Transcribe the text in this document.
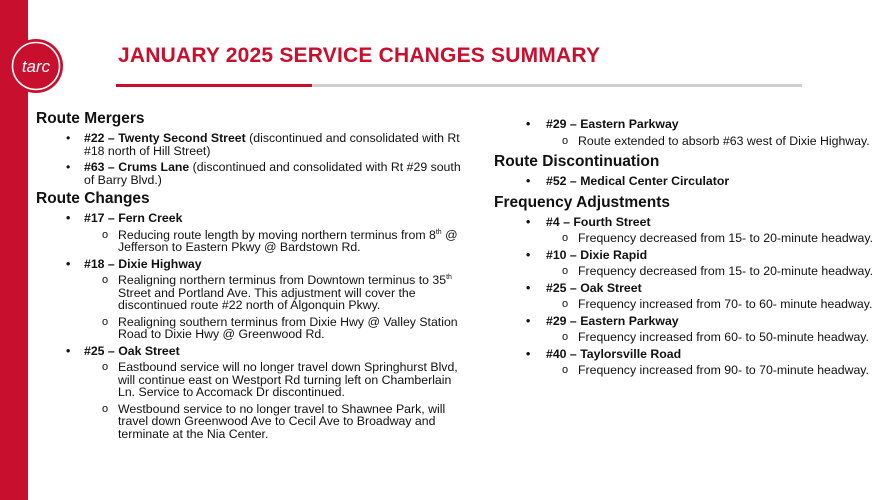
tarc	JANUARY 2025 SERVICE CHANGES SUMMARY
Route Mergers
• #22 – Twenty Second Street (discontinued and consolidated with Rt #18 north of Hill Street)
• #63 – Crums Lane (discontinued and consolidated with Rt #29 south of Barry Blvd.)
Route Changes
• #17 – Fern Creek
o Reducing route length by moving northern terminus from 8th @ Jefferson to Eastern Pkwy @ Bardstown Rd.
• #18 – Dixie Highway
o Realigning northern terminus from Downtown terminus to 35th Street and Portland Ave. This adjustment will cover the discontinued route #22 north of Algonquin Pkwy.
o Realigning southern terminus from Dixie Hwy @ Valley Station Road to Dixie Hwy @ Greenwood Rd.
• #25 – Oak Street
o Eastbound service will no longer travel down Springhurst Blvd, will continue east on Westport Rd turning left on Chamberlain Ln. Service to Accomack Dr discontinued.
o Westbound service to no longer travel to Shawnee Park, will travel down Greenwood Ave to Cecil Ave to Broadway and terminate at the Nia Center.
• #29 – Eastern Parkway
o Route extended to absorb #63 west of Dixie Highway.
Route Discontinuation
• #52 – Medical Center Circulator
Frequency Adjustments
• #4 – Fourth Street
o Frequency decreased from 15- to 20-minute headway.
• #10 – Dixie Rapid
o Frequency decreased from 15- to 20-minute headway.
• #25 – Oak Street
o Frequency increased from 70- to 60- minute headway.
• #29 – Eastern Parkway
o Frequency increased from 60- to 50-minute headway.
• #40 – Taylorsville Road
o Frequency increased from 90- to 70-minute headway.
